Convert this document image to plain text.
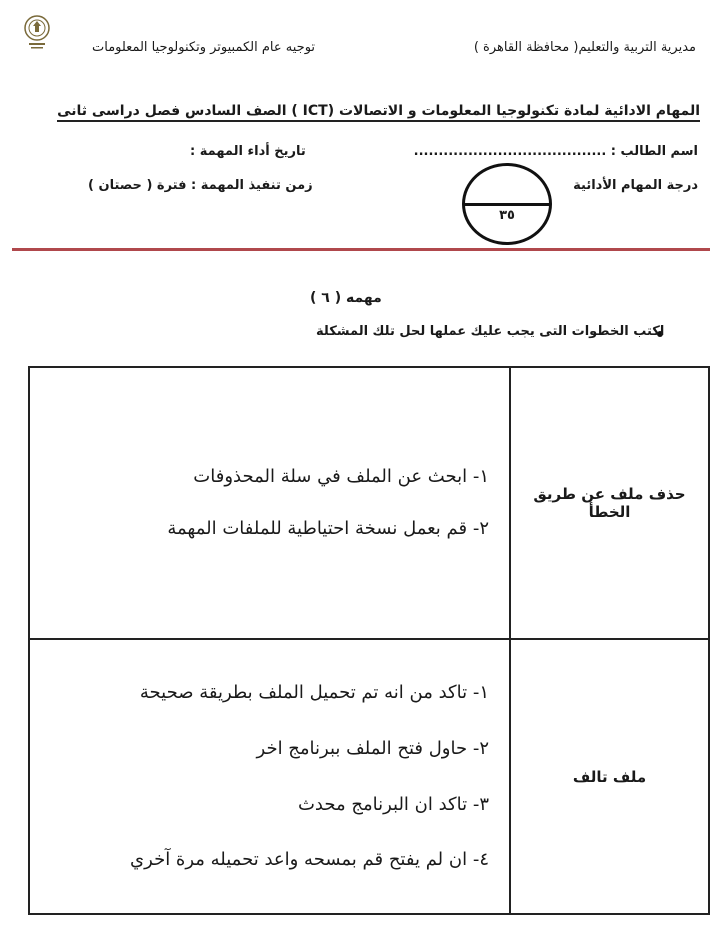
مديرية التربية والتعليم( محافظة القاهرة )
توجيه عام الكمبيوتر وتكنولوجيا المعلومات
المهام الادائية لمادة تكنولوجيا المعلومات و الاتصالات (ICT ) الصف السادس فصل دراسى ثانى
اسم الطالب : .......................................
تاريخ أداء المهمة :
درجة المهام الأدائية
زمن تنفيذ المهمة : فترة ( حصتان )
٣٥
مهمه ( ٦ )
اكتب الخطوات التى يجب عليك عملها لحل تلك المشكلة
حذف ملف عن طريق الخطأ	١- ابحث عن الملف في سلة المحذوفات
٢- قم بعمل نسخة احتياطية للملفات المهمة

ملف تالف	١- تاكد من انه تم تحميل الملف بطريقة صحيحة
٢- حاول فتح الملف ببرنامج اخر
٣- تاكد ان البرنامج محدث
٤- ان لم يفتح قم بمسحه واعد تحميله مرة آخري
